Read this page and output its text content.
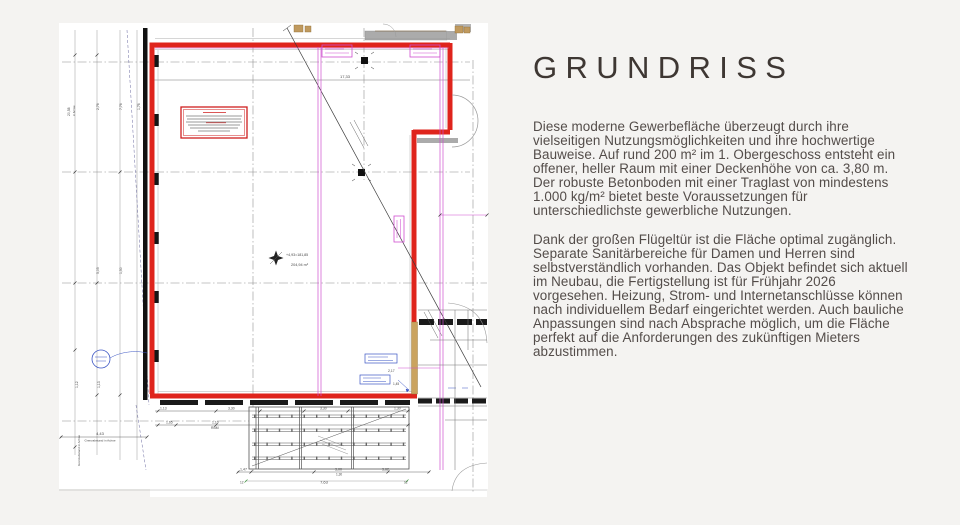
+4,93=181,85
204,94 m²
17,33
1,13	3,30	3,30	1,30
1,65	1,10
RBM
1,47	3,00
1,30
3,62
12	7,63	12
20,58 in Achse	2,76	7,76	1,76
5,05	1,50
1,12	1,13
4,43
Grenzabstand in Achse
Grenzabstand in Achse
2,17
1,45
GRUNDRISS

Diese moderne Gewerbefläche überzeugt durch ihre vielseitigen Nutzungsmöglichkeiten und ihre hochwertige Bauweise. Auf rund 200 m² im 1. Obergeschoss entsteht ein offener, heller Raum mit einer Deckenhöhe von ca. 3,80 m. Der robuste Betonboden mit einer Traglast von mindestens 1.000 kg/m² bietet beste Voraussetzungen für unterschiedlichste gewerbliche Nutzungen.

Dank der großen Flügeltür ist die Fläche optimal zugänglich. Separate Sanitärbereiche für Damen und Herren sind selbstverständlich vorhanden. Das Objekt befindet sich aktuell im Neubau, die Fertigstellung ist für Frühjahr 2026 vorgesehen. Heizung, Strom- und Internetanschlüsse können nach individuellem Bedarf eingerichtet werden. Auch bauliche Anpassungen sind nach Absprache möglich, um die Fläche perfekt auf die Anforderungen des zukünftigen Mieters abzustimmen.
